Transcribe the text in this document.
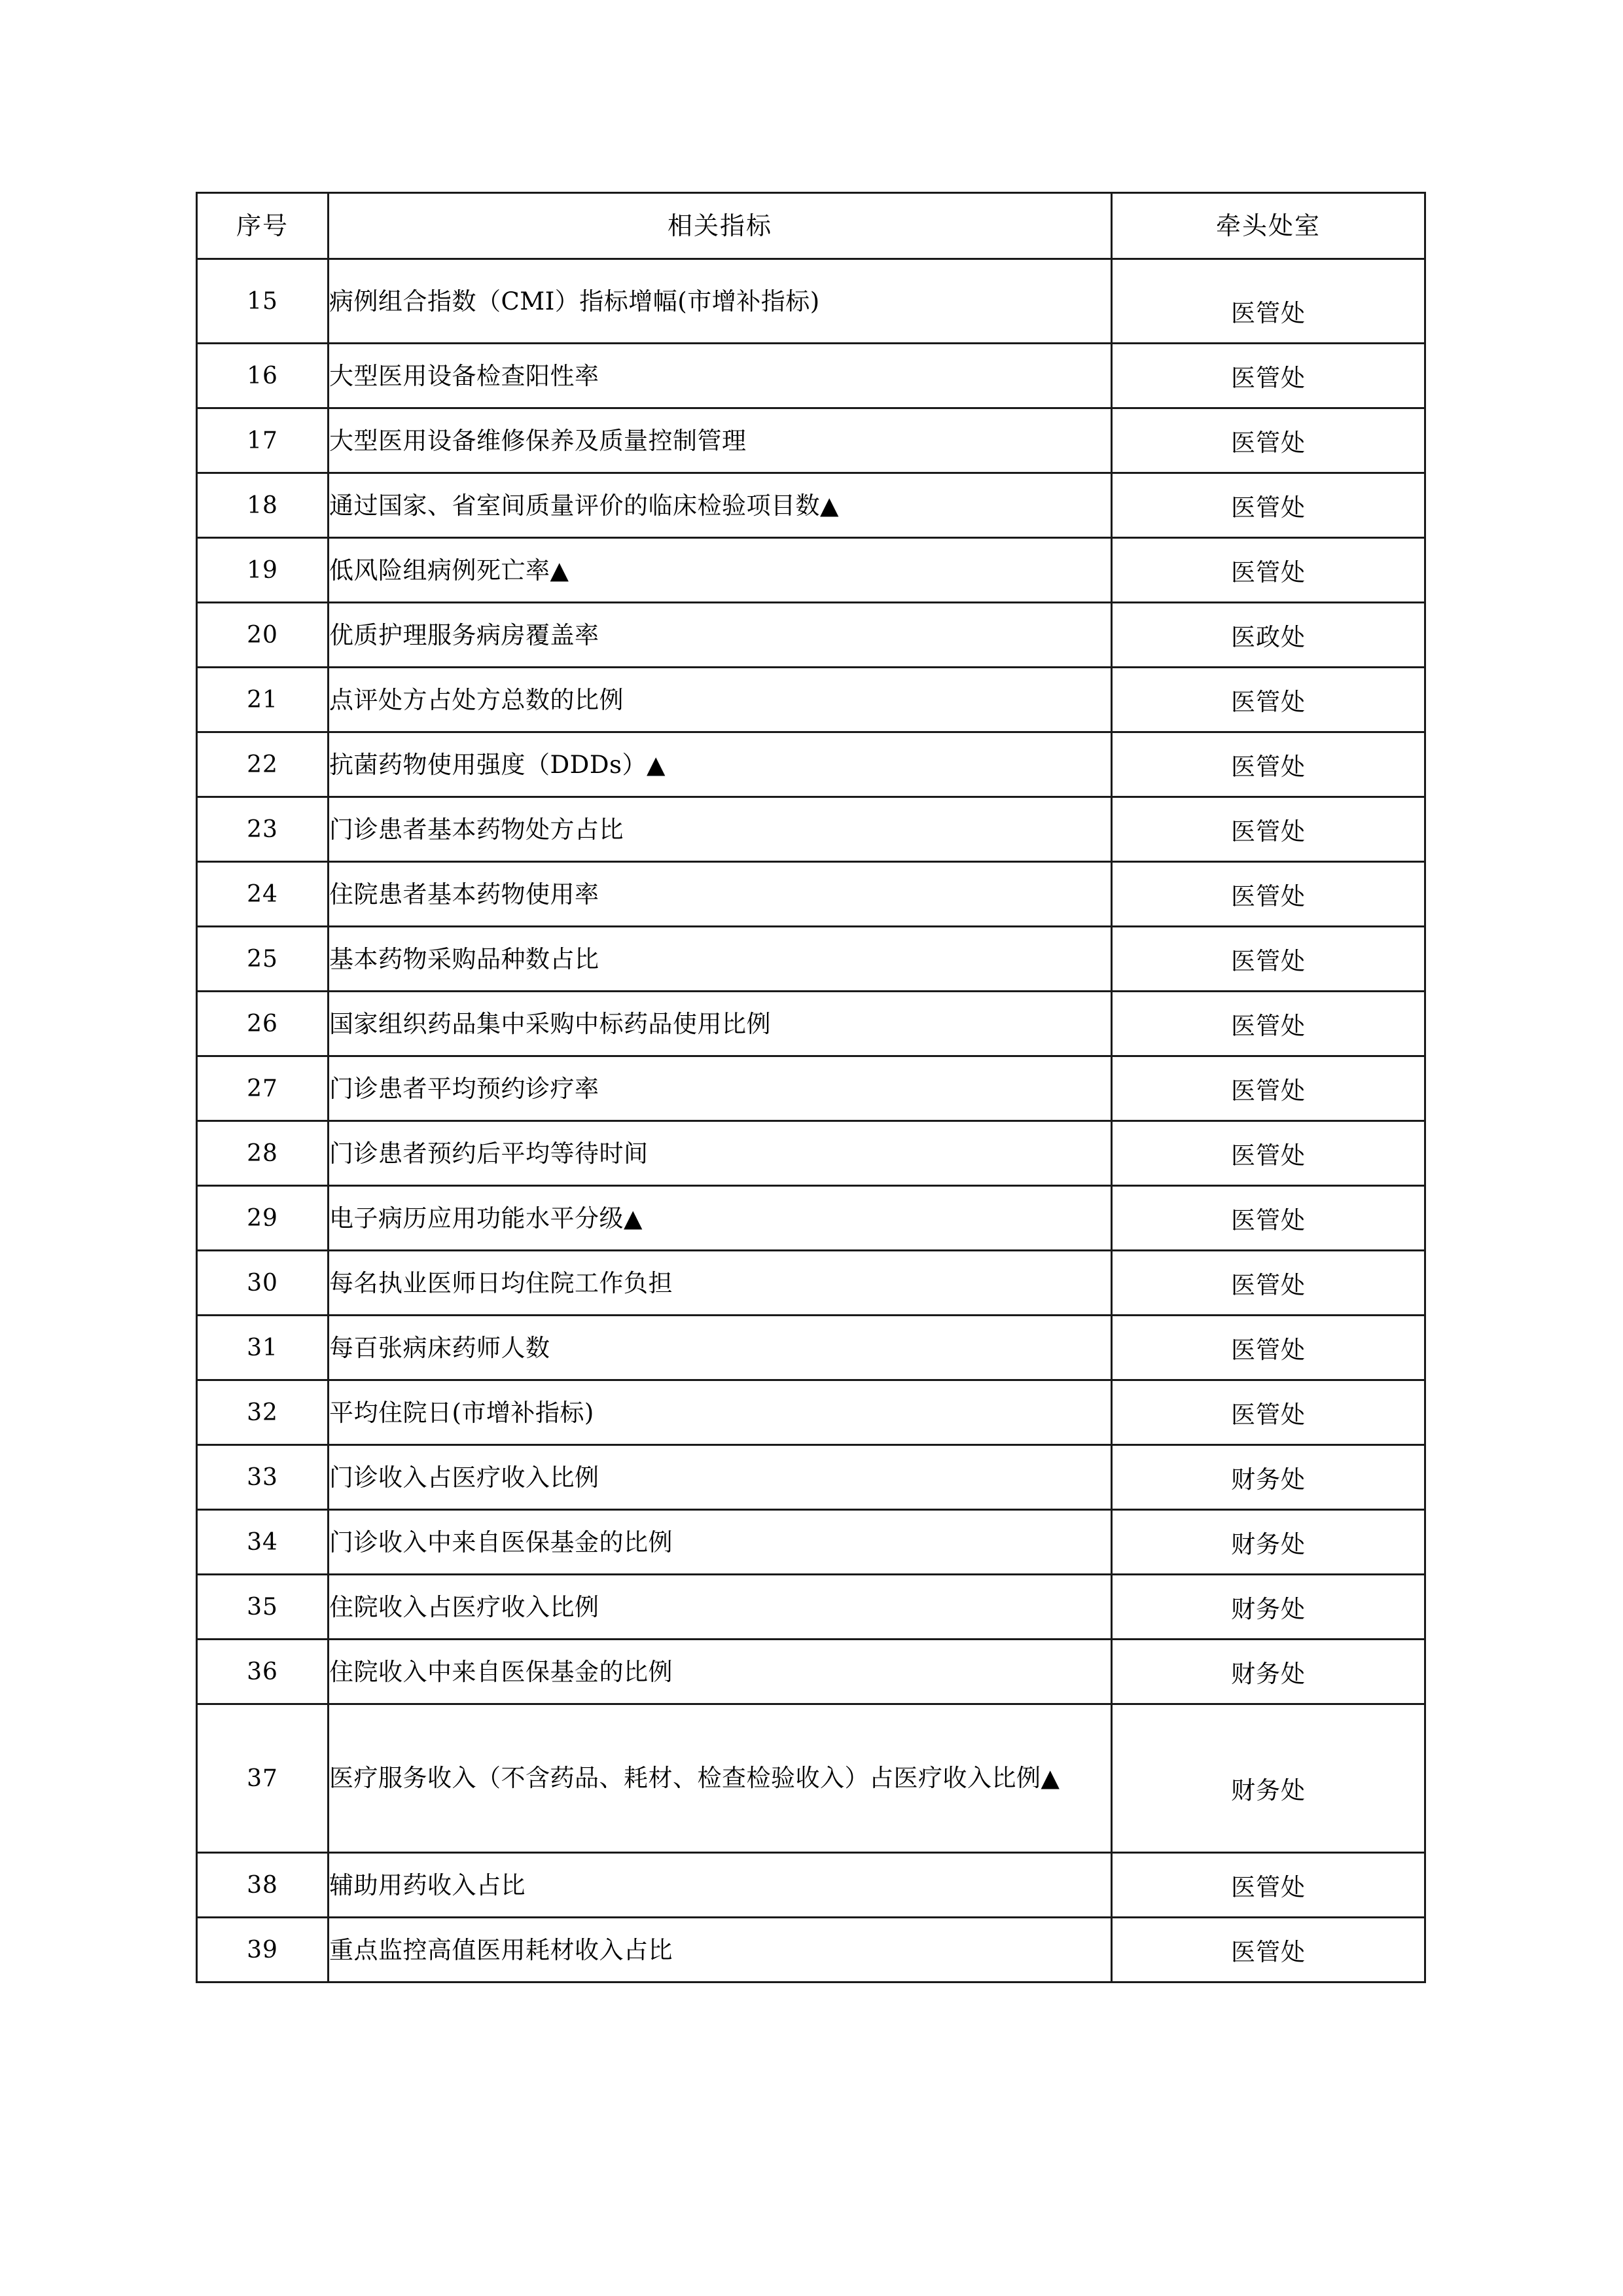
序号	相关指标	牵头处室
15	病例组合指数（CMI）指标增幅(市增补指标)	医管处
16	大型医用设备检查阳性率	医管处
17	大型医用设备维修保养及质量控制管理	医管处
18	通过国家、省室间质量评价的临床检验项目数▲	医管处
19	低风险组病例死亡率▲	医管处
20	优质护理服务病房覆盖率	医政处
21	点评处方占处方总数的比例	医管处
22	抗菌药物使用强度（DDDs）▲	医管处
23	门诊患者基本药物处方占比	医管处
24	住院患者基本药物使用率	医管处
25	基本药物采购品种数占比	医管处
26	国家组织药品集中采购中标药品使用比例	医管处
27	门诊患者平均预约诊疗率	医管处
28	门诊患者预约后平均等待时间	医管处
29	电子病历应用功能水平分级▲	医管处
30	每名执业医师日均住院工作负担	医管处
31	每百张病床药师人数	医管处
32	平均住院日(市增补指标)	医管处
33	门诊收入占医疗收入比例	财务处
34	门诊收入中来自医保基金的比例	财务处
35	住院收入占医疗收入比例	财务处
36	住院收入中来自医保基金的比例	财务处
37	医疗服务收入（不含药品、耗材、检查检验收入）占医疗收入比例▲	财务处
38	辅助用药收入占比	医管处
39	重点监控高值医用耗材收入占比	医管处
